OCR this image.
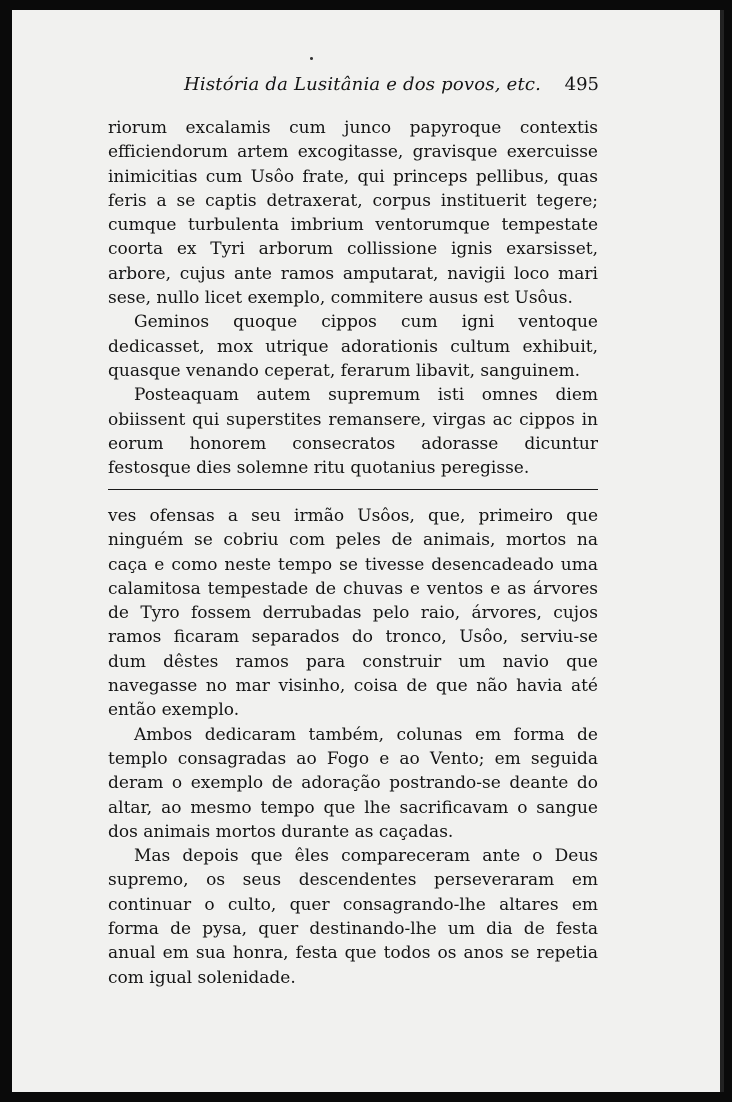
História da Lusitânia e dos povos, etc. 495

riorum excalamis cum junco papyroque contextis efficiendorum artem excogitasse, gravisque exercuisse inimicitias cum Usôo frate, qui princeps pellibus, quas feris a se captis detraxerat, corpus instituerit tegere; cumque turbulenta imbrium ventorumque tempestate coorta ex Tyri arborum collissione ignis exarsisset, arbore, cujus ante ramos amputarat, navigii loco mari sese, nullo licet exemplo, commitere ausus est Usôus.

Geminos quoque cippos cum igni ventoque dedicasset, mox utrique adorationis cultum exhibuit, quasque venando ceperat, ferarum libavit, sanguinem.

Posteaquam autem supremum isti omnes diem obiissent qui superstites remansere, virgas ac cippos in eorum honorem consecratos adorasse dicuntur festosque dies solemne ritu quotanius peregisse.

ves ofensas a seu irmão Usôos, que, primeiro que ninguém se cobriu com peles de animais, mortos na caça e como neste tempo se tivesse desencadeado uma calamitosa tempestade de chuvas e ventos e as árvores de Tyro fossem derrubadas pelo raio, árvores, cujos ramos ficaram separados do tronco, Usôo, serviu-se dum dêstes ramos para construir um navio que navegasse no mar visinho, coisa de que não havia até então exemplo.

Ambos dedicaram também, colunas em forma de templo consagradas ao Fogo e ao Vento; em seguida deram o exemplo de adoração postrando-se deante do altar, ao mesmo tempo que lhe sacrificavam o sangue dos animais mortos durante as caçadas.

Mas depois que êles compareceram ante o Deus supremo, os seus descendentes perseveraram em continuar o culto, quer consagrando-lhe altares em forma de pysa, quer destinando-lhe um dia de festa anual em sua honra, festa que todos os anos se repetia com igual solenidade.
